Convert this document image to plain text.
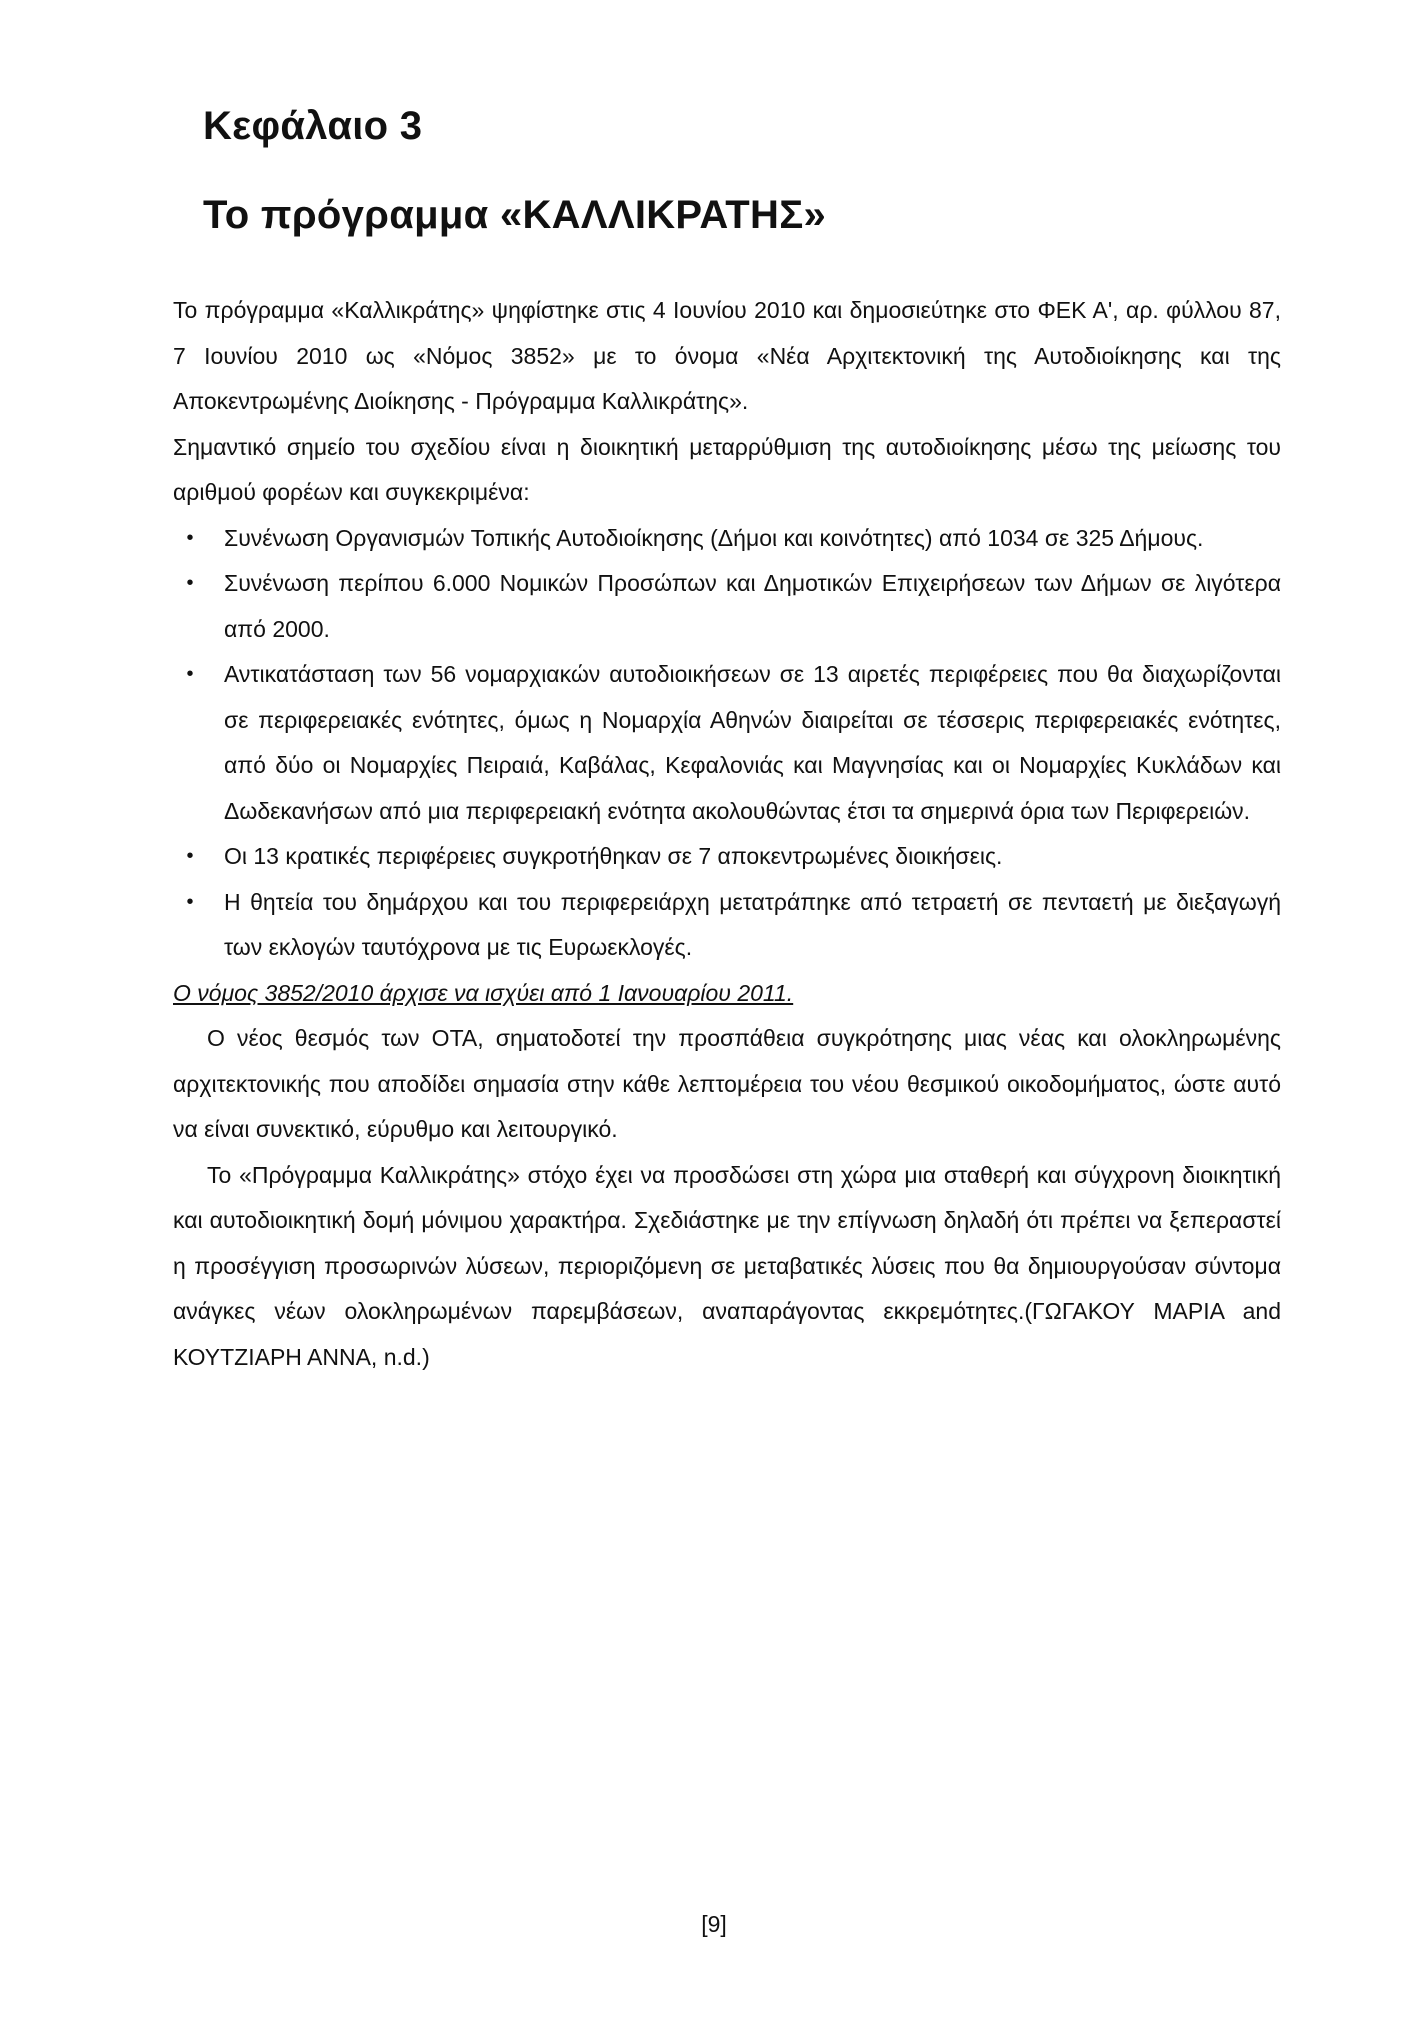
Κεφάλαιο 3
Το πρόγραμμα «ΚΑΛΛΙΚΡΑΤΗΣ»

Το πρόγραμμα «Καλλικράτης» ψηφίστηκε στις 4 Ιουνίου 2010 και δημοσιεύτηκε στο ΦΕΚ Α', αρ. φύλλου 87, 7 Ιουνίου 2010 ως «Νόμος 3852» με το όνομα «Νέα Αρχιτεκτονική της Αυτοδιοίκησης και της Αποκεντρωμένης Διοίκησης - Πρόγραμμα Καλλικράτης».

Σημαντικό σημείο του σχεδίου είναι η διοικητική μεταρρύθμιση της αυτοδιοίκησης μέσω της μείωσης του αριθμού φορέων και συγκεκριμένα:

• Συνένωση Οργανισμών Τοπικής Αυτοδιοίκησης (Δήμοι και κοινότητες) από 1034 σε 325 Δήμους.
• Συνένωση περίπου 6.000 Νομικών Προσώπων και Δημοτικών Επιχειρήσεων των Δήμων σε λιγότερα από 2000.
• Αντικατάσταση των 56 νομαρχιακών αυτοδιοικήσεων σε 13 αιρετές περιφέρειες που θα διαχωρίζονται σε περιφερειακές ενότητες, όμως η Νομαρχία Αθηνών διαιρείται σε τέσσερις περιφερειακές ενότητες, από δύο οι Νομαρχίες Πειραιά, Καβάλας, Κεφαλονιάς και Μαγνησίας και οι Νομαρχίες Κυκλάδων και Δωδεκανήσων από μια περιφερειακή ενότητα ακολουθώντας έτσι τα σημερινά όρια των Περιφερειών.
• Οι 13 κρατικές περιφέρειες συγκροτήθηκαν σε 7 αποκεντρωμένες διοικήσεις.
• Η θητεία του δημάρχου και του περιφερειάρχη μετατράπηκε από τετραετή σε πενταετή με διεξαγωγή των εκλογών ταυτόχρονα με τις Ευρωεκλογές.

Ο νόμος 3852/2010 άρχισε να ισχύει από 1 Ιανουαρίου 2011.

Ο νέος θεσμός των ΟΤΑ, σηματοδοτεί την προσπάθεια συγκρότησης μιας νέας και ολοκληρωμένης αρχιτεκτονικής που αποδίδει σημασία στην κάθε λεπτομέρεια του νέου θεσμικού οικοδομήματος, ώστε αυτό να είναι συνεκτικό, εύρυθμο και λειτουργικό.

Το «Πρόγραμμα Καλλικράτης» στόχο έχει να προσδώσει στη χώρα μια σταθερή και σύγχρονη διοικητική και αυτοδιοικητική δομή μόνιμου χαρακτήρα. Σχεδιάστηκε με την επίγνωση δηλαδή ότι πρέπει να ξεπεραστεί η προσέγγιση προσωρινών λύσεων, περιοριζόμενη σε μεταβατικές λύσεις που θα δημιουργούσαν σύντομα ανάγκες νέων ολοκληρωμένων παρεμβάσεων, αναπαράγοντας εκκρεμότητες.(ΓΩΓΑΚΟΥ ΜΑΡΙΑ and ΚΟΥΤΖΙΑΡΗ ΑΝΝΑ, n.d.)

[9]
